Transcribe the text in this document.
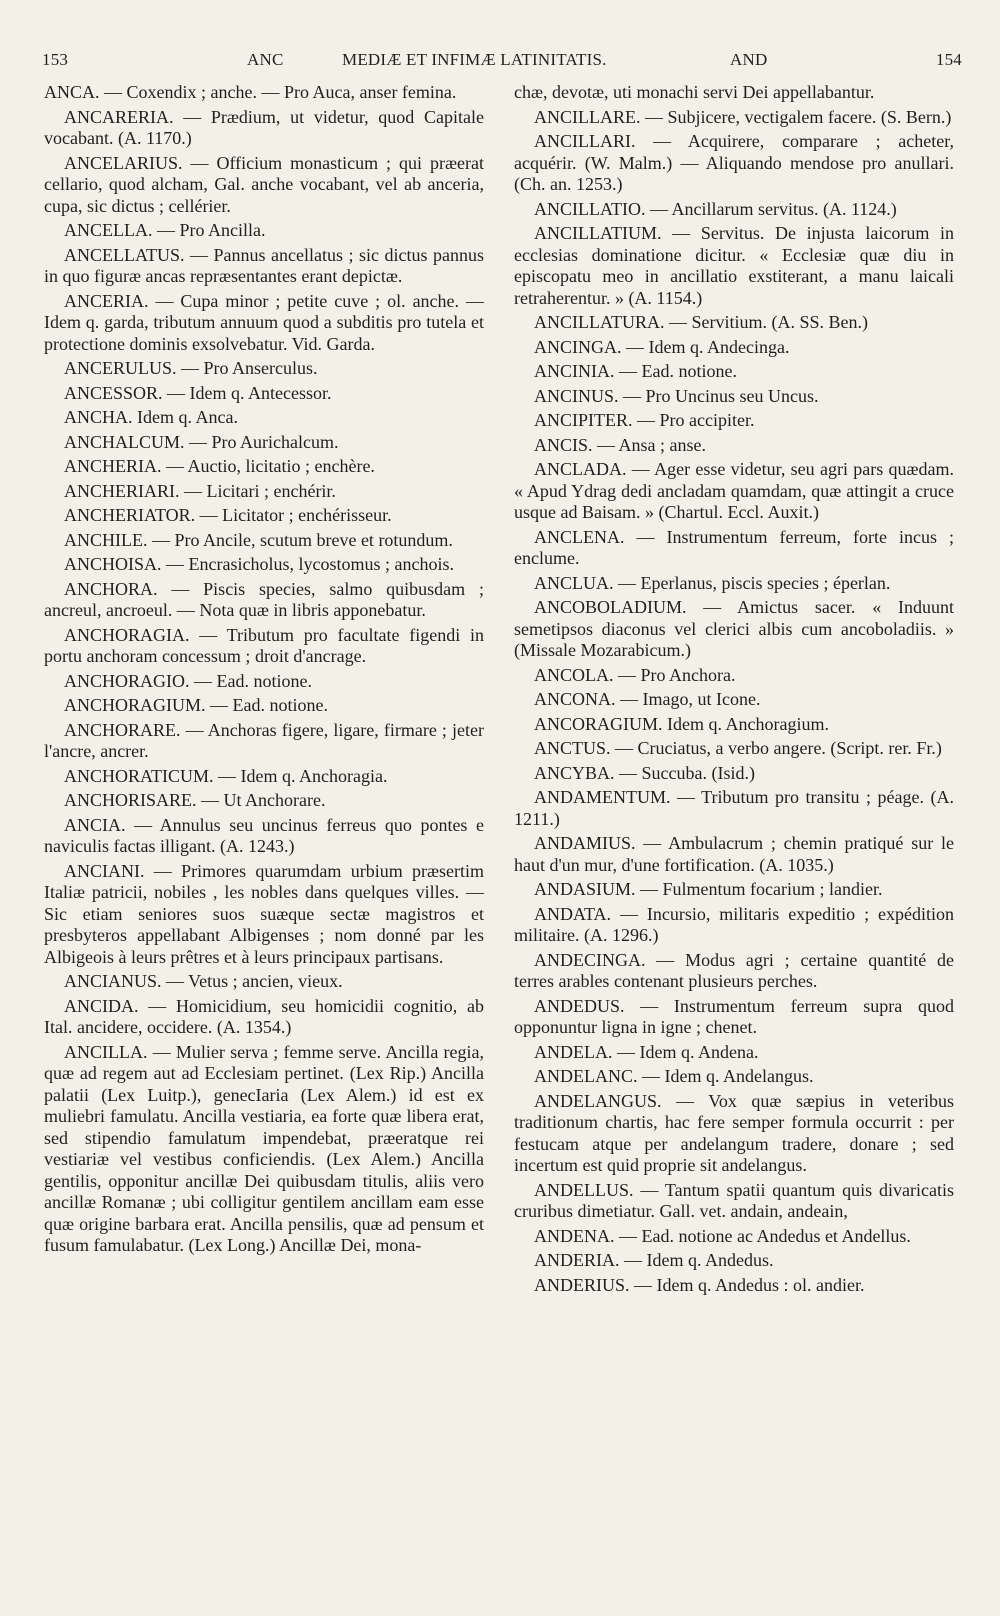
153	ANC	MEDIÆ ET INFIMÆ LATINITATIS.	AND	154

ANCA. — Coxendix ; anche. — Pro Auca, anser femina.

ANCARERIA. — Prædium, ut videtur, quod Capitale vocabant. (A. 1170.)

ANCELARIUS. — Officium monasticum ; qui præerat cellario, quod alcham, Gal. anche vocabant, vel ab anceria, cupa, sic dictus ; cellérier.

ANCELLA. — Pro Ancilla.

ANCELLATUS. — Pannus ancellatus ; sic dictus pannus in quo figuræ ancas repræsentantes erant depictæ.

ANCERIA. — Cupa minor ; petite cuve ; ol. anche. — Idem q. garda, tributum annuum quod a subditis pro tutela et protectione dominis exsolvebatur. Vid. Garda.

ANCERULUS. — Pro Anserculus.

ANCESSOR. — Idem q. Antecessor.

ANCHA. Idem q. Anca.

ANCHALCUM. — Pro Aurichalcum.

ANCHERIA. — Auctio, licitatio ; enchère.

ANCHERIARI. — Licitari ; enchérir.

ANCHERIATOR. — Licitator ; enchérisseur.

ANCHILE. — Pro Ancile, scutum breve et rotundum.

ANCHOISA. — Encrasicholus, lycostomus ; anchois.

ANCHORA. — Piscis species, salmo quibusdam ; ancreul, ancroeul. — Nota quæ in libris apponebatur.

ANCHORAGIA. — Tributum pro facultate figendi in portu anchoram concessum ; droit d'ancrage.

ANCHORAGIO. — Ead. notione.

ANCHORAGIUM. — Ead. notione.

ANCHORARE. — Anchoras figere, ligare, firmare ; jeter l'ancre, ancrer.

ANCHORATICUM. — Idem q. Anchoragia.

ANCHORISARE. — Ut Anchorare.

ANCIA. — Annulus seu uncinus ferreus quo pontes e naviculis factas illigant. (A. 1243.)

ANCIANI. — Primores quarumdam urbium præsertim Italiæ patricii, nobiles , les nobles dans quelques villes. — Sic etiam seniores suos suæque sectæ magistros et presbyteros appellabant Albigenses ; nom donné par les Albigeois à leurs prêtres et à leurs principaux partisans.

ANCIANUS. — Vetus ; ancien, vieux.

ANCIDA. — Homicidium, seu homicidii cognitio, ab Ital. ancidere, occidere. (A. 1354.)

ANCILLA. — Mulier serva ; femme serve. Ancilla regia, quæ ad regem aut ad Ecclesiam pertinet. (Lex Rip.) Ancilla palatii (Lex Luitp.), genecIaria (Lex Alem.) id est ex muliebri famulatu. Ancilla vestiaria, ea forte quæ libera erat, sed stipendio famulatum impendebat, præeratque rei vestiariæ vel vestibus conficiendis. (Lex Alem.) Ancilla gentilis, opponitur ancillæ Dei quibusdam titulis, aliis vero ancillæ Romanæ ; ubi colligitur gentilem ancillam eam esse quæ origine barbara erat. Ancilla pensilis, quæ ad pensum et fusum famulabatur. (Lex Long.) Ancillæ Dei, mona-

chæ, devotæ, uti monachi servi Dei appellabantur.

ANCILLARE. — Subjicere, vectigalem facere. (S. Bern.)

ANCILLARI. — Acquirere, comparare ; acheter, acquérir. (W. Malm.) — Aliquando mendose pro anullari. (Ch. an. 1253.)

ANCILLATIO. — Ancillarum servitus. (A. 1124.)

ANCILLATIUM. — Servitus. De injusta laicorum in ecclesias dominatione dicitur. « Ecclesiæ quæ diu in episcopatu meo in ancillatio exstiterant, a manu laicali retraherentur. » (A. 1154.)

ANCILLATURA. — Servitium. (A. SS. Ben.)

ANCINGA. — Idem q. Andecinga.

ANCINIA. — Ead. notione.

ANCINUS. — Pro Uncinus seu Uncus.

ANCIPITER. — Pro accipiter.

ANCIS. — Ansa ; anse.

ANCLADA. — Ager esse videtur, seu agri pars quædam. « Apud Ydrag dedi ancladam quamdam, quæ attingit a cruce usque ad Baisam. » (Chartul. Eccl. Auxit.)

ANCLENA. — Instrumentum ferreum, forte incus ; enclume.

ANCLUA. — Eperlanus, piscis species ; éperlan.

ANCOBOLADIUM. — Amictus sacer. « Induunt semetipsos diaconus vel clerici albis cum ancoboladiis. » (Missale Mozarabicum.)

ANCOLA. — Pro Anchora.

ANCONA. — Imago, ut Icone.

ANCORAGIUM. Idem q. Anchoragium.

ANCTUS. — Cruciatus, a verbo angere. (Script. rer. Fr.)

ANCYBA. — Succuba. (Isid.)

ANDAMENTUM. — Tributum pro transitu ; péage. (A. 1211.)

ANDAMIUS. — Ambulacrum ; chemin pratiqué sur le haut d'un mur, d'une fortification. (A. 1035.)

ANDASIUM. — Fulmentum focarium ; landier.

ANDATA. — Incursio, militaris expeditio ; expédition militaire. (A. 1296.)

ANDECINGA. — Modus agri ; certaine quantité de terres arables contenant plusieurs perches.

ANDEDUS. — Instrumentum ferreum supra quod opponuntur ligna in igne ; chenet.

ANDELA. — Idem q. Andena.

ANDELANC. — Idem q. Andelangus.

ANDELANGUS. — Vox quæ sæpius in veteribus traditionum chartis, hac fere semper formula occurrit : per festucam atque per andelangum tradere, donare ; sed incertum est quid proprie sit andelangus.

ANDELLUS. — Tantum spatii quantum quis divaricatis cruribus dimetiatur. Gall. vet. andain, andeain,

ANDENA. — Ead. notione ac Andedus et Andellus.

ANDERIA. — Idem q. Andedus.

ANDERIUS. — Idem q. Andedus : ol. andier.
